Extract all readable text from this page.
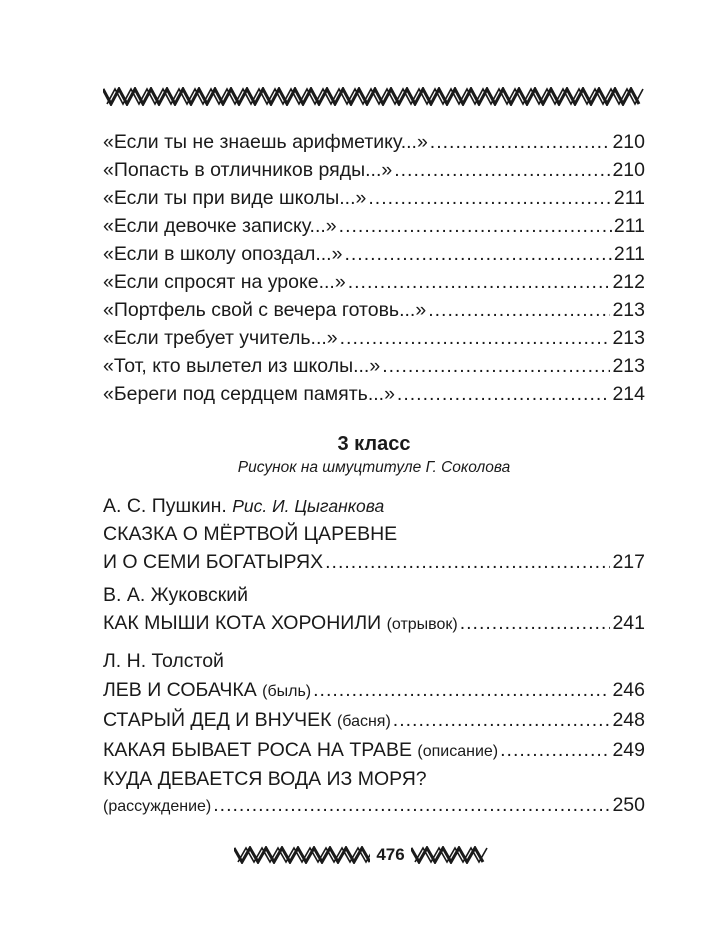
«Если ты не знаешь арифметику...» .....	210
«Попасть в отличников ряды...» .....	210
«Если ты при виде школы...» .....	211
«Если девочке записку...» .....	211
«Если в школу опоздал...» .....	211
«Если спросят на уроке...» .....	212
«Портфель свой с вечера готовь...» .....	213
«Если требует учитель...» .....	213
«Тот, кто вылетел из школы...» .....	213
«Береги под сердцем память...» .....	214
3 класс
Рисунок на шмуцтитуле Г. Соколова
А. С. Пушкин. Рис. И. Цыганкова
СКАЗКА О МЁРТВОЙ ЦАРЕВНЕ
И О СЕМИ БОГАТЫРЯХ .....	217
В. А. Жуковский
КАК МЫШИ КОТА ХОРОНИЛИ (отрывок) .....	241
Л. Н. Толстой
ЛЕВ И СОБАЧКА (быль) .....	246
СТАРЫЙ ДЕД И ВНУЧЕК (басня) .....	248
КАКАЯ БЫВАЕТ РОСА НА ТРАВЕ (описание) .....	249
КУДА ДЕВАЕТСЯ ВОДА ИЗ МОРЯ?
(рассуждение) .....	250
476
